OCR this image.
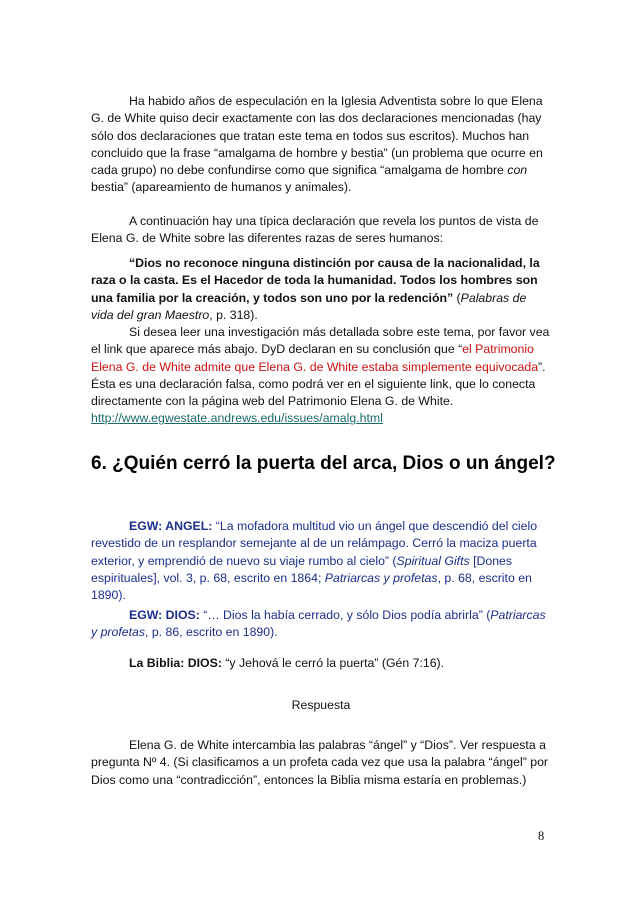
Ha habido años de especulación en la Iglesia Adventista sobre lo que Elena G. de White quiso decir exactamente con las dos declaraciones mencionadas (hay sólo dos declaraciones que tratan este tema en todos sus escritos). Muchos han concluido que la frase “amalgama de hombre y bestia” (un problema que ocurre en cada grupo) no debe confundirse como que significa “amalgama de hombre con bestia” (apareamiento de humanos y animales).

A continuación hay una típica declaración que revela los puntos de vista de Elena G. de White sobre las diferentes razas de seres humanos:

“Dios no reconoce ninguna distinción por causa de la nacionalidad, la raza o la casta. Es el Hacedor de toda la humanidad. Todos los hombres son una familia por la creación, y todos son uno por la redención” (Palabras de vida del gran Maestro, p. 318).

Si desea leer una investigación más detallada sobre este tema, por favor vea el link que aparece más abajo. DyD declaran en su conclusión que “el Patrimonio Elena G. de White admite que Elena G. de White estaba simplemente equivocada”. Ésta es una declaración falsa, como podrá ver en el siguiente link, que lo conecta directamente con la página web del Patrimonio Elena G. de White.
http://www.egwestate.andrews.edu/issues/amalg.html

6. ¿Quién cerró la puerta del arca, Dios o un ángel?

EGW: ANGEL: “La mofadora multitud vio un ángel que descendió del cielo revestido de un resplandor semejante al de un relámpago. Cerró la maciza puerta exterior, y emprendió de nuevo su viaje rumbo al cielo” (Spiritual Gifts [Dones espirituales], vol. 3, p. 68, escrito en 1864; Patriarcas y profetas, p. 68, escrito en 1890).

EGW: DIOS: “… Dios la había cerrado, y sólo Dios podía abrirla” (Patriarcas y profetas, p. 86, escrito en 1890).

La Biblia: DIOS: “y Jehová le cerró la puerta” (Gén 7:16).

Respuesta

Elena G. de White intercambia las palabras “ángel” y “Dios”. Ver respuesta a pregunta Nº 4. (Si clasificamos a un profeta cada vez que usa la palabra “ángel” por Dios como una “contradicción”, entonces la Biblia misma estaría en problemas.)

8
